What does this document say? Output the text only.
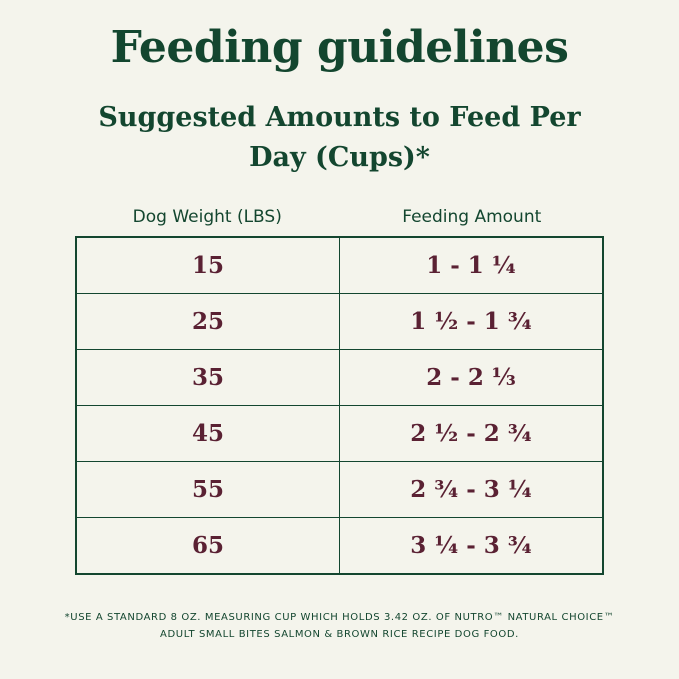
Feeding guidelines
Suggested Amounts to Feed Per Day (Cups)*
Dog Weight (LBS)	Feeding Amount
15	1 - 1 ¼
25	1 ½ - 1 ¾
35	2 - 2 ⅓
45	2 ½ - 2 ¾
55	2 ¾ - 3 ¼
65	3 ¼ - 3 ¾
*USE A STANDARD 8 OZ. MEASURING CUP WHICH HOLDS 3.42 OZ. OF NUTRO™ NATURAL CHOICE™
ADULT SMALL BITES SALMON & BROWN RICE RECIPE DOG FOOD.
